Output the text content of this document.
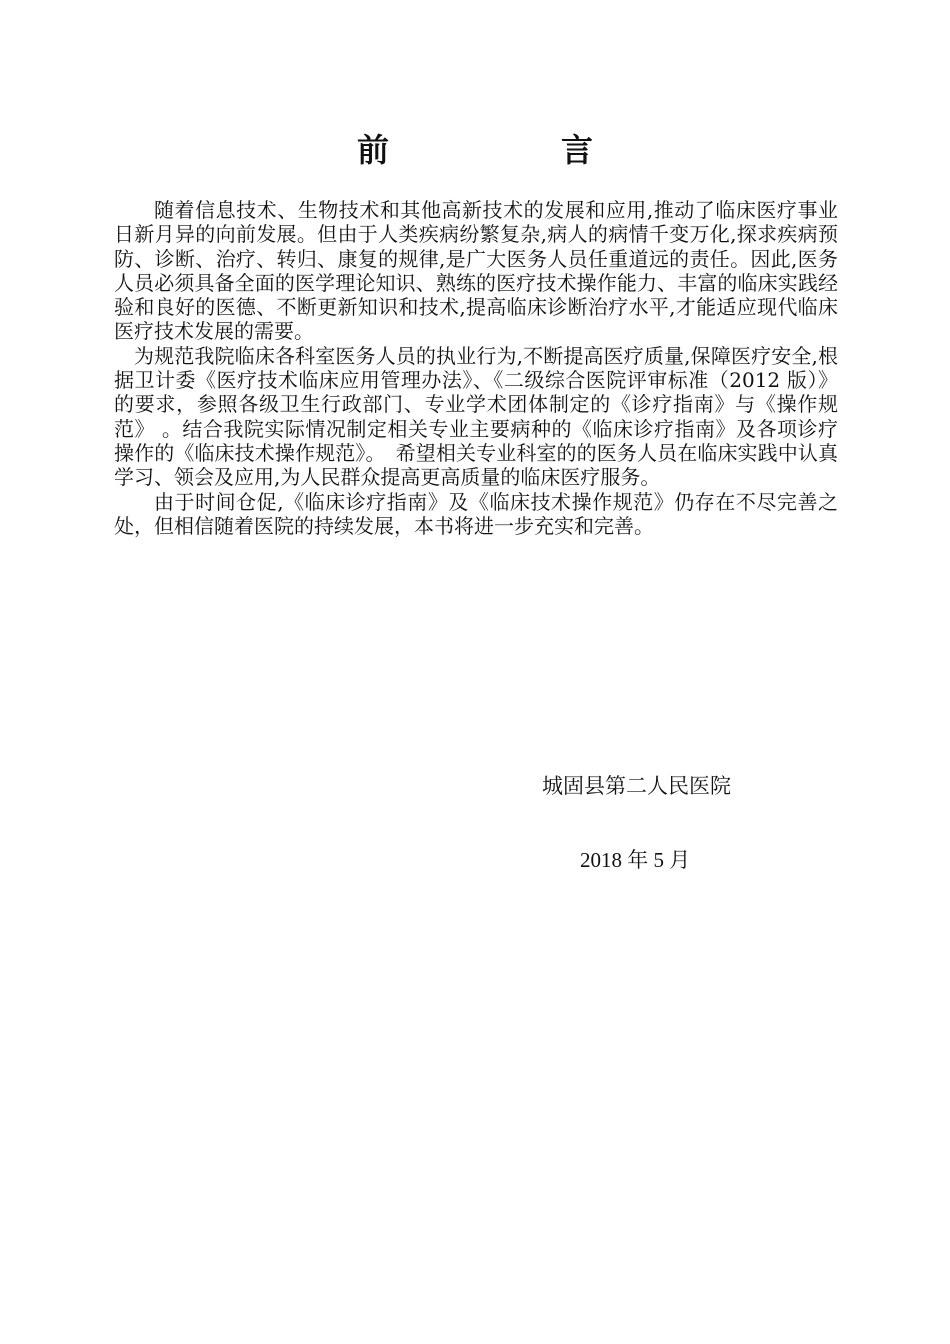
前　言

随着信息技术、生物技术和其他高新技术的发展和应用,推动了临床医疗事业日新月异的向前发展。但由于人类疾病纷繁复杂,病人的病情千变万化,探求疾病预防、诊断、治疗、转归、康复的规律,是广大医务人员任重道远的责任。因此,医务人员必须具备全面的医学理论知识、熟练的医疗技术操作能力、丰富的临床实践经验和良好的医德、不断更新知识和技术,提高临床诊断治疗水平,才能适应现代临床医疗技术发展的需要。

为规范我院临床各科室医务人员的执业行为,不断提高医疗质量,保障医疗安全,根据卫计委《医疗技术临床应用管理办法》、《二级综合医院评审标准（2012 版）》的要求，参照各级卫生行政部门、专业学术团体制定的《诊疗指南》与《操作规范》 。结合我院实际情况制定相关专业主要病种的《临床诊疗指南》及各项诊疗操作的《临床技术操作规范》。　希望相关专业科室的的医务人员在临床实践中认真学习、领会及应用,为人民群众提高更高质量的临床医疗服务。

由于时间仓促,《临床诊疗指南》及《临床技术操作规范》仍存在不尽完善之处，但相信随着医院的持续发展，本书将进一步充实和完善。

城固县第二人民医院
2018 年 5 月
